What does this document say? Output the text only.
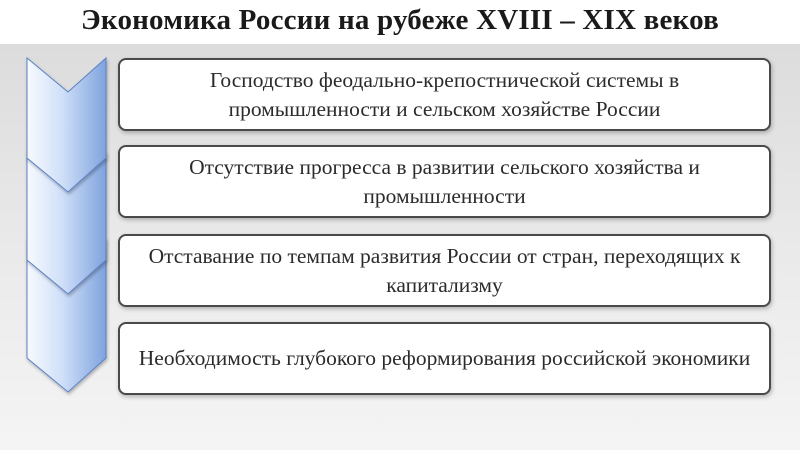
Экономика России на рубеже XVIII – XIX веков
Господство феодально-крепостнической системы в промышленности и сельском хозяйстве России
Отсутствие прогресса в развитии сельского хозяйства и промышленности
Отставание по темпам развития России от стран, переходящих к капитализму
Необходимость глубокого реформирования российской экономики
